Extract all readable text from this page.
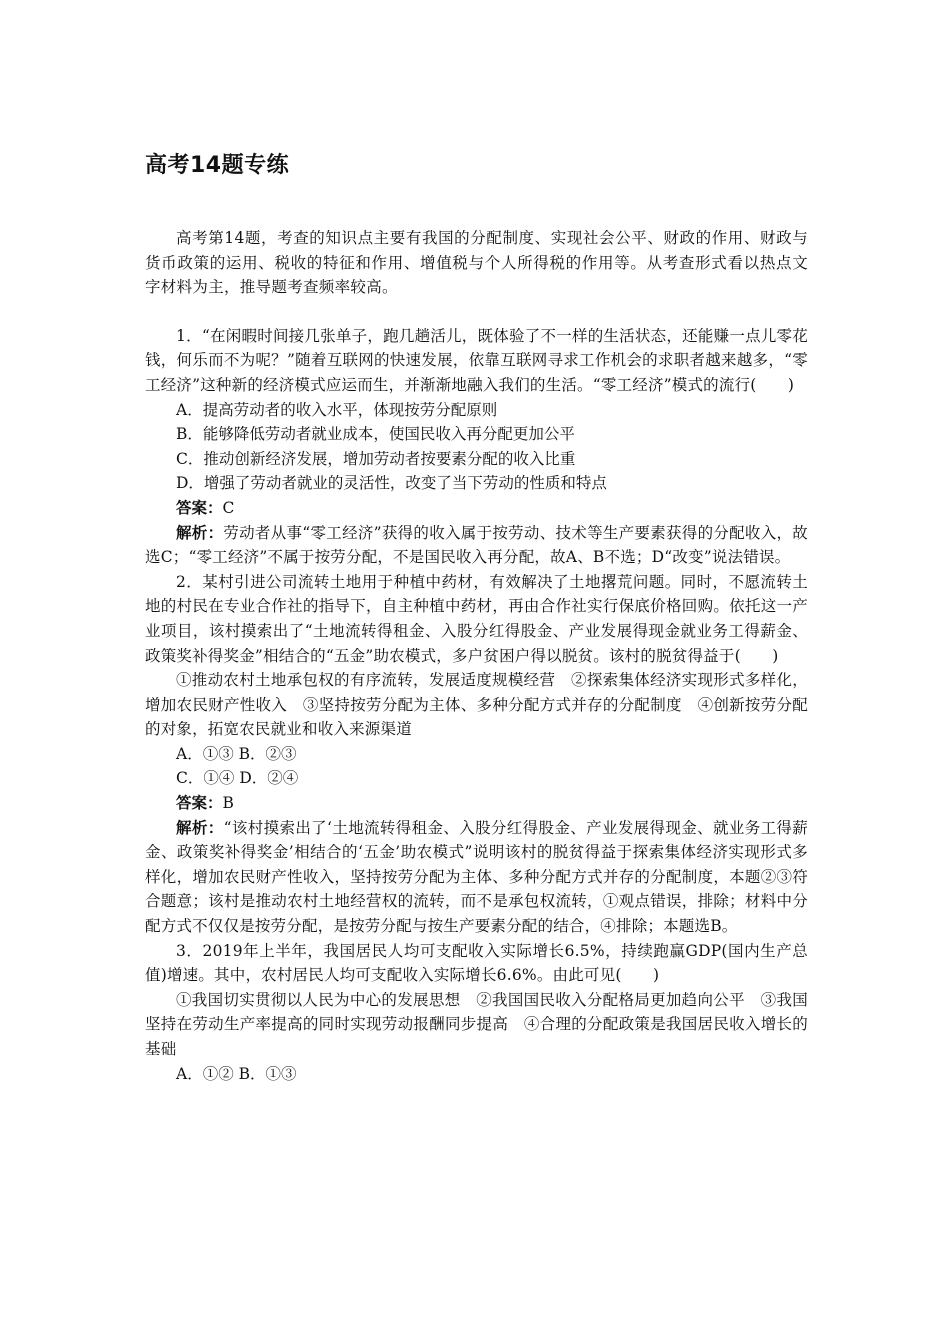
高考14题专练

高考第14题，考查的知识点主要有我国的分配制度、实现社会公平、财政的作用、财政与货币政策的运用、税收的特征和作用、增值税与个人所得税的作用等。从考查形式看以热点文字材料为主，推导题考查频率较高。

1．“在闲暇时间接几张单子，跑几趟活儿，既体验了不一样的生活状态，还能赚一点儿零花钱，何乐而不为呢？”随着互联网的快速发展，依靠互联网寻求工作机会的求职者越来越多，“零工经济”这种新的经济模式应运而生，并渐渐地融入我们的生活。“零工经济”模式的流行(　　)

A．提高劳动者的收入水平，体现按劳分配原则

B．能够降低劳动者就业成本，使国民收入再分配更加公平

C．推动创新经济发展，增加劳动者按要素分配的收入比重

D．增强了劳动者就业的灵活性，改变了当下劳动的性质和特点

答案：C

解析：劳动者从事“零工经济”获得的收入属于按劳动、技术等生产要素获得的分配收入，故选C；“零工经济”不属于按劳分配，不是国民收入再分配，故A、B不选；D“改变”说法错误。

2．某村引进公司流转土地用于种植中药材，有效解决了土地撂荒问题。同时，不愿流转土地的村民在专业合作社的指导下，自主种植中药材，再由合作社实行保底价格回购。依托这一产业项目，该村摸索出了“土地流转得租金、入股分红得股金、产业发展得现金就业务工得薪金、政策奖补得奖金”相结合的“五金”助农模式，多户贫困户得以脱贫。该村的脱贫得益于(　　)

①推动农村土地承包权的有序流转，发展适度规模经营　②探索集体经济实现形式多样化，增加农民财产性收入　③坚持按劳分配为主体、多种分配方式并存的分配制度　④创新按劳分配的对象，拓宽农民就业和收入来源渠道

A．①③ B．②③

C．①④ D．②④

答案：B

解析：“该村摸索出了‘土地流转得租金、入股分红得股金、产业发展得现金、就业务工得薪金、政策奖补得奖金’相结合的‘五金’助农模式”说明该村的脱贫得益于探索集体经济实现形式多样化，增加农民财产性收入，坚持按劳分配为主体、多种分配方式并存的分配制度，本题②③符合题意；该村是推动农村土地经营权的流转，而不是承包权流转，①观点错误，排除；材料中分配方式不仅仅是按劳分配，是按劳分配与按生产要素分配的结合，④排除；本题选B。

3．2019年上半年，我国居民人均可支配收入实际增长6.5%，持续跑赢GDP(国内生产总值)增速。其中，农村居民人均可支配收入实际增长6.6%。由此可见(　　)

①我国切实贯彻以人民为中心的发展思想　②我国国民收入分配格局更加趋向公平　③我国坚持在劳动生产率提高的同时实现劳动报酬同步提高　④合理的分配政策是我国居民收入增长的基础

A．①② B．①③
